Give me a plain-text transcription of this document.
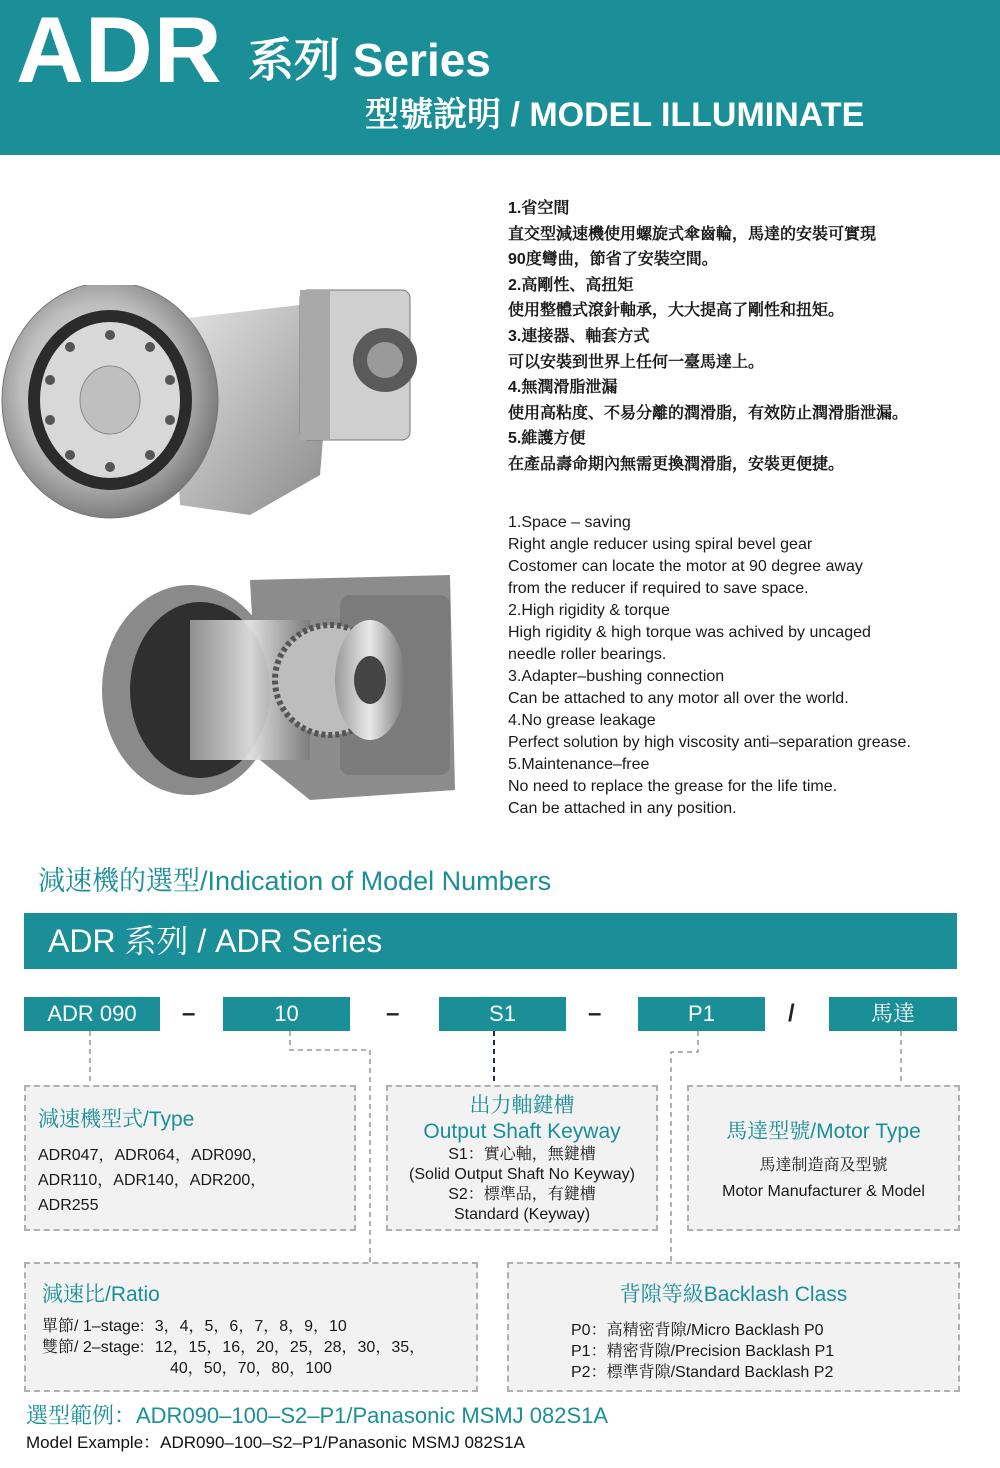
ADR 系列 Series
型號說明 / MODEL ILLUMINATE
1.省空間
直交型減速機使用螺旋式傘齒輪，馬達的安裝可實現
90度彎曲，節省了安裝空間。
2.高剛性、高扭矩
使用整體式滾針軸承，大大提高了剛性和扭矩。
3.連接器、軸套方式
可以安裝到世界上任何一臺馬達上。
4.無潤滑脂泄漏
使用高粘度、不易分離的潤滑脂，有效防止潤滑脂泄漏。
5.維護方便
在產品壽命期內無需更換潤滑脂，安裝更便捷。
1.Space – saving
Right angle reducer using spiral bevel gear
Costomer can locate the motor at 90 degree away
from the reducer if required to save space.
2.High rigidity & torque
High rigidity & high torque was achived by uncaged
needle roller bearings.
3.Adapter–bushing connection
Can be attached to any motor all over the world.
4.No grease leakage
Perfect solution by high viscosity anti–separation grease.
5.Maintenance–free
No need to replace the grease for the life time.
Can be attached in any position.
減速機的選型/Indication of Model Numbers
ADR 系列 / ADR Series
ADR 090	–	10	–	S1	–	P1	/	馬達
減速機型式/Type
ADR047，ADR064，ADR090，
ADR110，ADR140，ADR200，
ADR255
出力軸鍵槽
Output Shaft Keyway
S1：實心軸，無鍵槽
(Solid Output Shaft No Keyway)
S2：標準品，有鍵槽
Standard (Keyway)
馬達型號/Motor Type
馬達制造商及型號
Motor Manufacturer & Model
減速比/Ratio
單節/ 1–stage: 3，4，5，6，7，8，9，10
雙節/ 2–stage: 12，15，16，20，25，28，30，35，
40，50，70，80，100
背隙等級Backlash Class
P0：高精密背隙/Micro Backlash P0
P1：精密背隙/Precision Backlash P1
P2：標準背隙/Standard Backlash P2
選型範例：ADR090–100–S2–P1/Panasonic MSMJ 082S1A
Model Example：ADR090–100–S2–P1/Panasonic MSMJ 082S1A
